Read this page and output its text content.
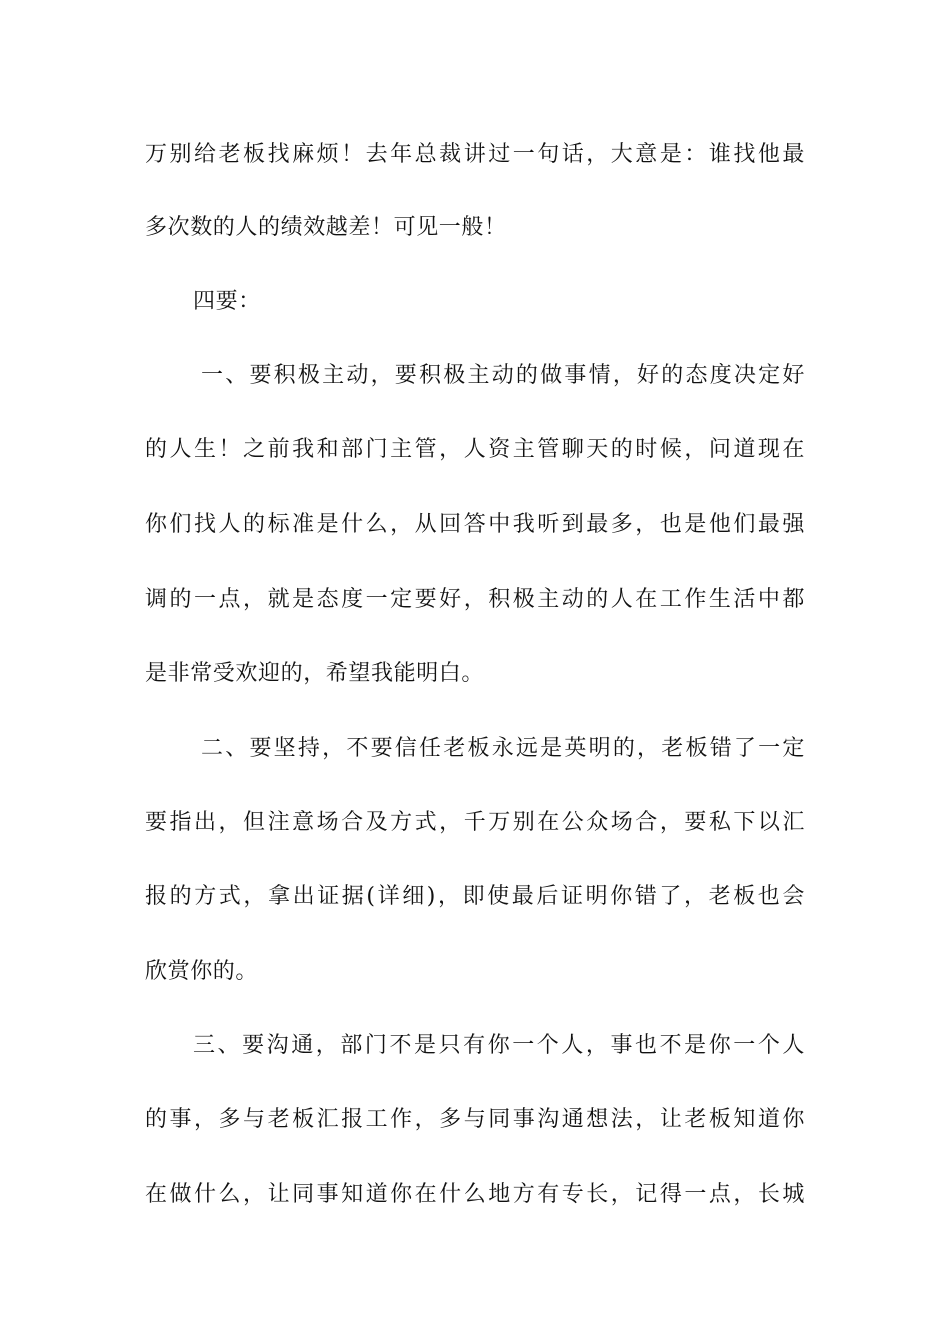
万别给老板找麻烦！去年总裁讲过一句话，大意是：谁找他最
多次数的人的绩效越差！可见一般！
四要：
一、要积极主动，要积极主动的做事情，好的态度决定好
的人生！之前我和部门主管，人资主管聊天的时候，问道现在
你们找人的标准是什么，从回答中我听到最多，也是他们最强
调的一点，就是态度一定要好，积极主动的人在工作生活中都
是非常受欢迎的，希望我能明白。
二、要坚持，不要信任老板永远是英明的，老板错了一定
要指出，但注意场合及方式，千万别在公众场合，要私下以汇
报的方式，拿出证据(详细)，即使最后证明你错了，老板也会
欣赏你的。
三、要沟通，部门不是只有你一个人，事也不是你一个人
的事，多与老板汇报工作，多与同事沟通想法，让老板知道你
在做什么，让同事知道你在什么地方有专长，记得一点，长城
